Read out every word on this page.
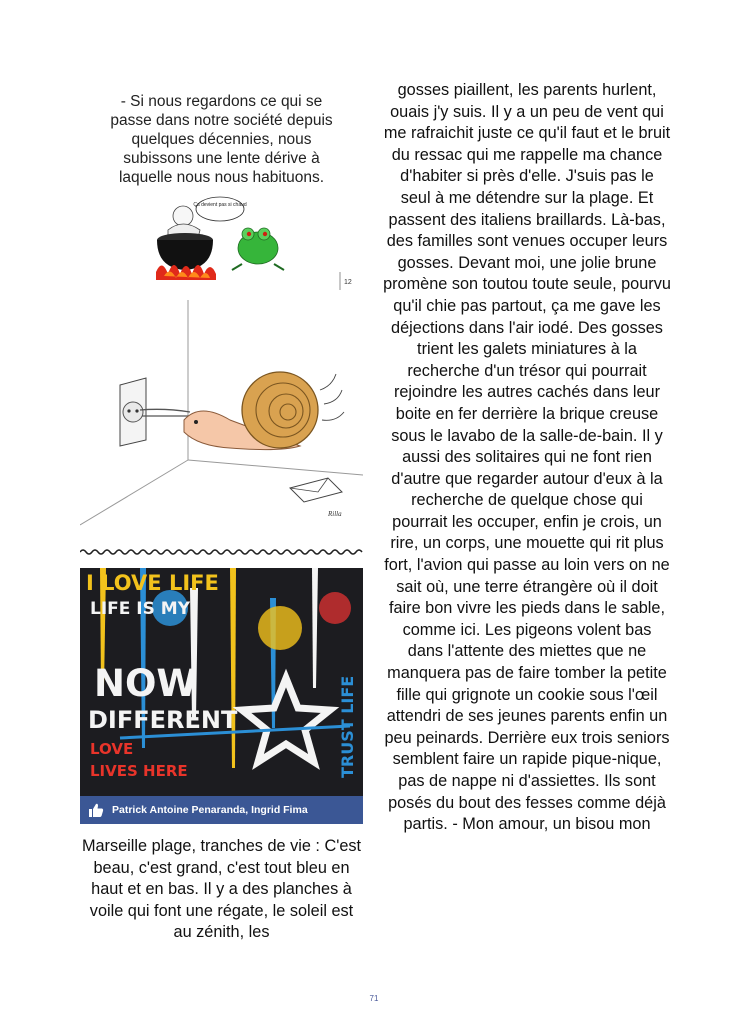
- Si nous regardons ce qui se
passe dans notre société depuis
quelques décennies, nous
subissons une lente dérive à
laquelle nous nous habituons.
Ça devient pas si chaud
12
Rilla
I LOVE LIFE
LIFE IS MY
NOW
DIFFERENT
LOVE
LIVES HERE	TRUST LIFE
Patrick Antoine Penaranda, Ingrid Fima
Marseille plage, tranches de vie : C'est beau, c'est grand, c'est tout bleu en haut et en bas. Il y a des planches à voile qui font une régate, le soleil est au zénith, les
gosses piaillent, les parents hurlent, ouais j'y suis. Il y a un peu de vent qui me rafraichit juste ce qu'il faut et le bruit du ressac qui me rappelle ma chance d'habiter si près d'elle. J'suis pas le seul à me détendre sur la plage. Et passent des italiens braillards. Là-bas, des familles sont venues occuper leurs gosses. Devant moi, une jolie brune promène son toutou toute seule, pourvu qu'il chie pas partout, ça me gave les déjections dans l'air iodé. Des gosses trient les galets miniatures à la recherche d'un trésor qui pourrait rejoindre les autres cachés dans leur boite en fer derrière la brique creuse sous le lavabo de la salle-de-bain. Il y aussi des solitaires qui ne font rien d'autre que regarder autour d'eux à la recherche de quelque chose qui pourrait les occuper, enfin je crois, un rire, un corps, une mouette qui rit plus fort, l'avion qui passe au loin vers on ne sait où, une terre étrangère où il doit faire bon vivre les pieds dans le sable, comme ici. Les pigeons volent bas dans l'attente des miettes que ne manquera pas de faire tomber la petite fille qui grignote un cookie sous l'œil attendri de ses jeunes parents enfin un peu peinards. Derrière eux trois seniors semblent faire un rapide pique-nique, pas de nappe ni d'assiettes. Ils sont posés du bout des fesses comme déjà partis. - Mon amour, un bisou mon
71
